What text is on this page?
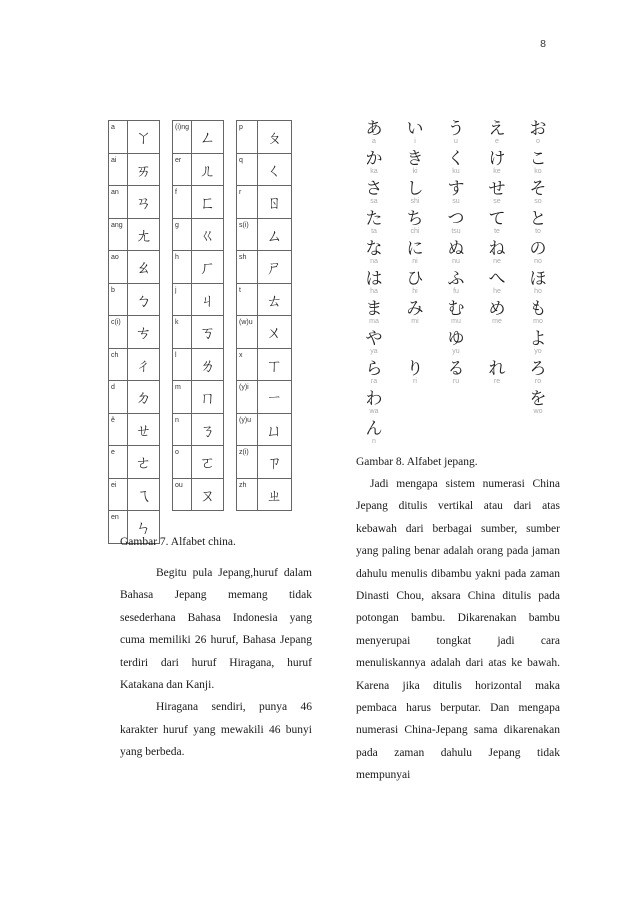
8
a
ㄚ
ai
ㄞ
an
ㄢ
ang
ㄤ
ao
ㄠ
b
ㄅ
c(i)
ㄘ
ch
ㄔ
d
ㄉ
ê
ㄝ
e
ㄜ
ei
ㄟ
en
ㄣ
(i)ng
ㄥ
er
ㄦ
f
ㄈ
g
ㄍ
h
ㄏ
j
ㄐ
k
ㄎ
l
ㄌ
m
ㄇ
n
ㄋ
o
ㄛ
ou
ㄡ
p
ㄆ
q
ㄑ
r
ㄖ
s(i)
ㄙ
sh
ㄕ
t
ㄊ
(w)u
ㄨ
x
ㄒ
(y)i
ㄧ
(y)u
ㄩ
z(i)
ㄗ
zh
ㄓ
Gambar 7. Alfabet china.

Begitu pula Jepang,huruf dalam Bahasa Jepang memang tidak sesederhana Bahasa Indonesia yang cuma memiliki 26 huruf, Bahasa Jepang terdiri dari huruf Hiragana, huruf Katakana dan Kanji.

Hiragana sendiri, punya 46 karakter huruf yang mewakili 46 bunyi yang berbeda.

あ
a
い
i
う
u
え
e
お
o
か
ka
き
ki
く
ku
け
ke
こ
ko
さ
sa
し
shi
す
su
せ
se
そ
so
た
ta
ち
chi
つ
tsu
て
te
と
to
な
na
に
ni
ぬ
nu
ね
ne
の
no
は
ha
ひ
hi
ふ
fu
へ
he
ほ
ho
ま
ma
み
mi
む
mu
め
me
も
mo
や
ya
ゆ
yu
よ
yo
ら
ra
り
ri
る
ru
れ
re
ろ
ro
わ
wa
を
wo
ん
n
Gambar 8. Alfabet jepang.

Jadi mengapa sistem numerasi China Jepang ditulis vertikal atau dari atas kebawah dari berbagai sumber, sumber yang paling benar adalah orang pada jaman dahulu menulis dibambu yakni pada zaman Dinasti Chou, aksara China ditulis pada potongan bambu. Dikarenakan bambu menyerupai tongkat jadi cara menuliskannya adalah dari atas ke bawah. Karena jika ditulis horizontal maka pembaca harus berputar. Dan mengapa numerasi China-Jepang sama dikarenakan pada zaman dahulu Jepang tidak mempunyai
